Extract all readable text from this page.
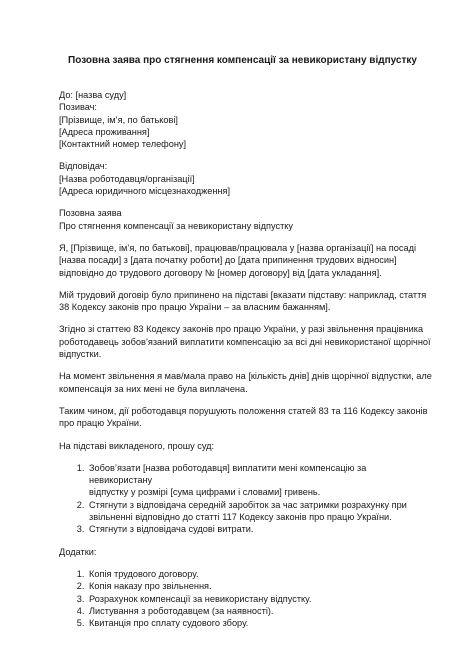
Позовна заява про стягнення компенсації за невикористану відпустку
До: [назва суду]
Позивач:
[Прізвище, ім’я, по батькові]
[Адреса проживання]
[Контактний номер телефону]
Відповідач:
[Назва роботодавця/організації]
[Адреса юридичного місцезнаходження]
Позовна заява
Про стягнення компенсації за невикористану відпустку

Я, [Прізвище, ім’я, по батькові], працював/працювала у [назва організації] на посаді
[назва посади] з [дата початку роботи] до [дата припинення трудових відносин]
відповідно до трудового договору № [номер договору] від [дата укладання].

Мій трудовий договір було припинено на підставі [вказати підставу: наприклад, стаття
38 Кодексу законів про працю України – за власним бажанням].

Згідно зі статтею 83 Кодексу законів про працю України, у разі звільнення працівника
роботодавець зобов’язаний виплатити компенсацію за всі дні невикористаної щорічної
відпустки.

На момент звільнення я мав/мала право на [кількість днів] днів щорічної відпустки, але
компенсація за них мені не була виплачена.

Таким чином, дії роботодавця порушують положення статей 83 та 116 Кодексу законів
про працю України.

На підставі викладеного, прошу суд:

1. Зобов’язати [назва роботодавця] виплатити мені компенсацію за невикористану
відпустку у розмірі [сума цифрами і словами] гривень.
2. Стягнути з відповідача середній заробіток за час затримки розрахунку при
звільненні відповідно до статті 117 Кодексу законів про працю України.
3. Стягнути з відповідача судові витрати.

Додатки:

1. Копія трудового договору.
2. Копія наказу про звільнення.
3. Розрахунок компенсації за невикористану відпустку.
4. Листування з роботодавцем (за наявності).
5. Квитанція про сплату судового збору.
